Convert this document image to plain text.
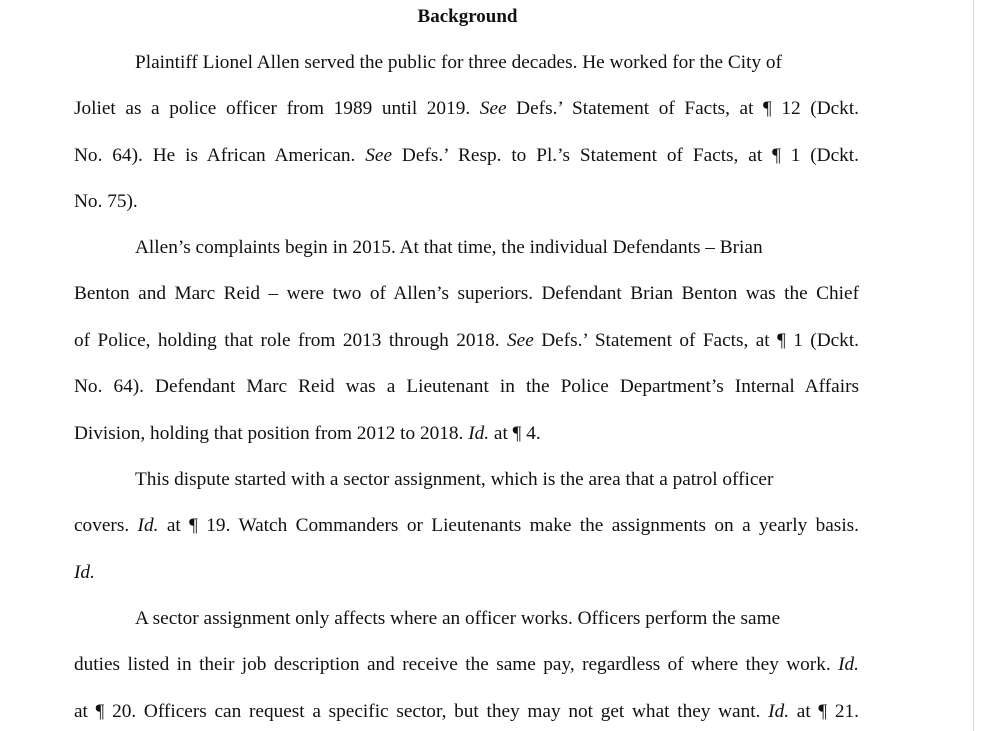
Background
Plaintiff Lionel Allen served the public for three decades. He worked for the City of
Joliet as a police officer from 1989 until 2019. See Defs.’ Statement of Facts, at ¶ 12 (Dckt.
No. 64). He is African American. See Defs.’ Resp. to Pl.’s Statement of Facts, at ¶ 1 (Dckt.
No. 75).
Allen’s complaints begin in 2015. At that time, the individual Defendants – Brian
Benton and Marc Reid – were two of Allen’s superiors. Defendant Brian Benton was the Chief
of Police, holding that role from 2013 through 2018. See Defs.’ Statement of Facts, at ¶ 1 (Dckt.
No. 64). Defendant Marc Reid was a Lieutenant in the Police Department’s Internal Affairs
Division, holding that position from 2012 to 2018. Id. at ¶ 4.
This dispute started with a sector assignment, which is the area that a patrol officer
covers. Id. at ¶ 19. Watch Commanders or Lieutenants make the assignments on a yearly basis.
Id.
A sector assignment only affects where an officer works. Officers perform the same
duties listed in their job description and receive the same pay, regardless of where they work. Id.
at ¶ 20. Officers can request a specific sector, but they may not get what they want. Id. at ¶ 21.
